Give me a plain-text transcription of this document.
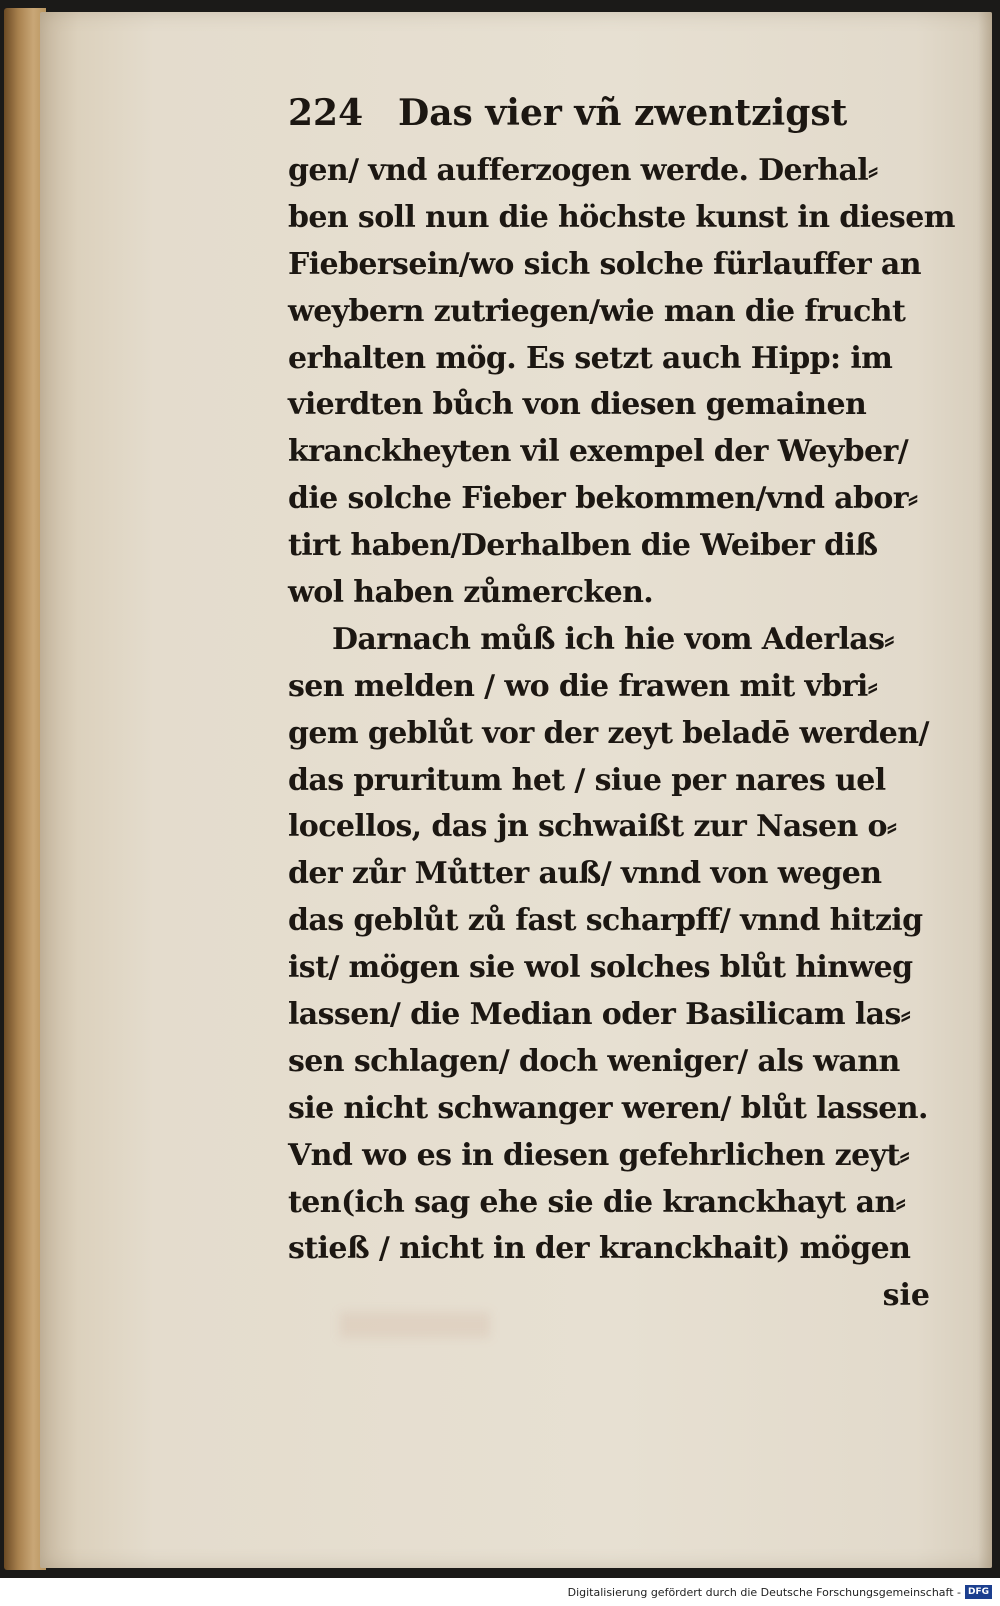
224 Das vier vñ zwentzigst
gen/ vnd aufferzogen werde. Derhal⸗
ben soll nun die höchste kunst in diesem
Fiebersein/wo sich solche fürlauffer an
weybern zutriegen/wie man die frucht
erhalten mög. Es setzt auch Hipp: im
vierdten bůch von diesen gemainen
kranckheyten vil exempel der Weyber/
die solche Fieber bekommen/vnd abor⸗
tirt haben/Derhalben die Weiber diß
wol haben zůmercken.
Darnach můß ich hie vom Aderlas⸗
sen melden / wo die frawen mit vbri⸗
gem geblůt vor der zeyt beladē werden/
das pruritum het / siue per nares uel
locellos, das jn schwaißt zur Nasen o⸗
der zůr Můtter auß/ vnnd von wegen
das geblůt zů fast scharpff/ vnnd hitzig
ist/ mögen sie wol solches blůt hinweg
lassen/ die Median oder Basilicam las⸗
sen schlagen/ doch weniger/ als wann
sie nicht schwanger weren/ blůt lassen.
Vnd wo es in diesen gefehrlichen zeyt⸗
ten(ich sag ehe sie die kranckhayt an⸗
stieß / nicht in der kranckhait) mögen
sie
Digitalisierung gefördert durch die Deutsche Forschungsgemeinschaft - DFG
